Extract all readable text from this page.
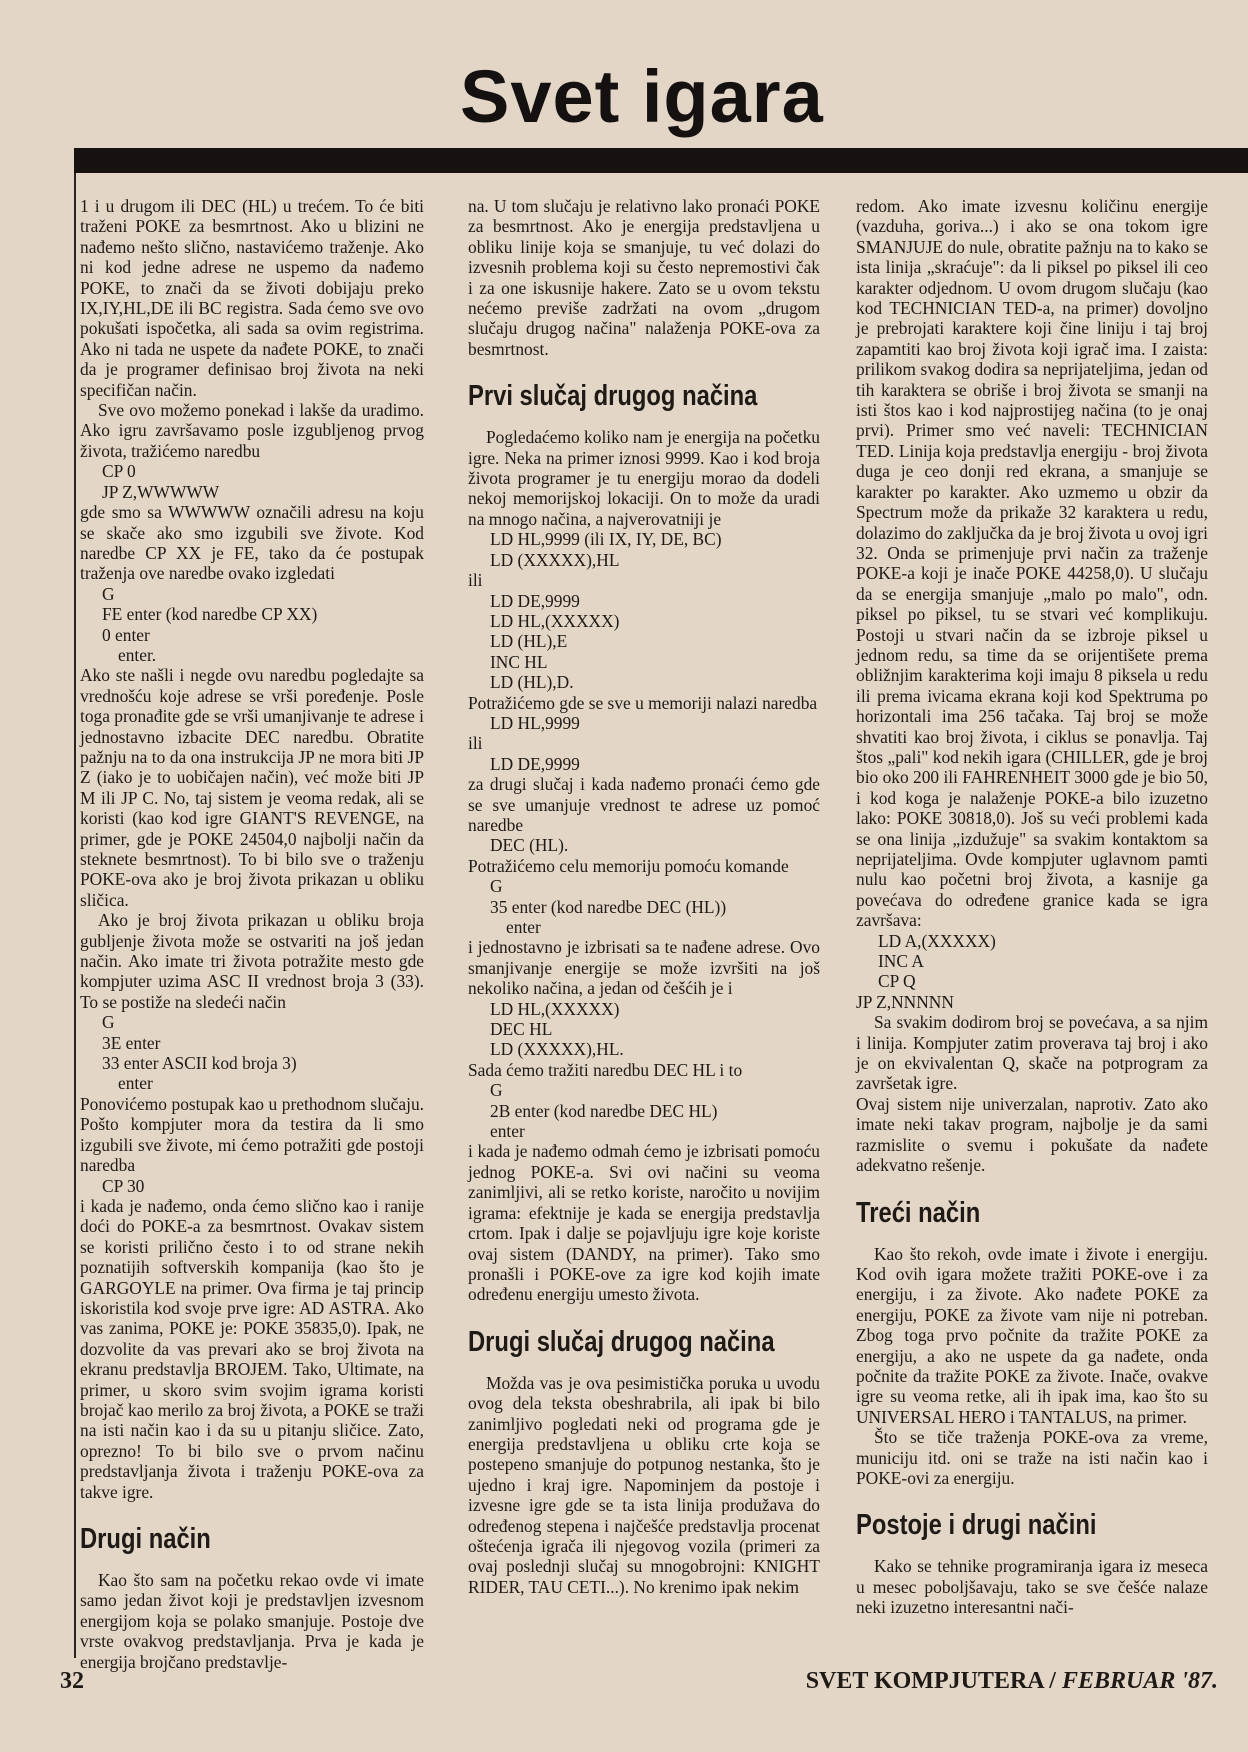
Svet igara

1 i u drugom ili DEC (HL) u trećem. To će biti traženi POKE za besmrtnost. Ako u blizini ne nađemo nešto slično, nastavićemo traženje. Ako ni kod jedne adrese ne uspemo da nađemo POKE, to znači da se životi dobijaju preko IX,IY,HL,DE ili BC registra. Sada ćemo sve ovo pokušati ispočetka, ali sada sa ovim registrima. Ako ni tada ne uspete da nađete POKE, to znači da je programer definisao broj života na neki specifičan način.

Sve ovo možemo ponekad i lakše da uradimo. Ako igru završavamo posle izgubljenog prvog života, tražićemo naredbu

CP 0

JP Z,WWWWW

gde smo sa WWWWW označili adresu na koju se skače ako smo izgubili sve živote. Kod naredbe CP XX je FE, tako da će postupak traženja ove naredbe ovako izgledati

G

FE enter (kod naredbe CP XX)

0 enter

enter.

Ako ste našli i negde ovu naredbu pogledajte sa vrednošću koje adrese se vrši poređenje. Posle toga pronađite gde se vrši umanjivanje te adrese i jednostavno izbacite DEC naredbu. Obratite pažnju na to da ona instrukcija JP ne mora biti JP Z (iako je to uobičajen način), već može biti JP M ili JP C. No, taj sistem je veoma redak, ali se koristi (kao kod igre GIANT'S REVENGE, na primer, gde je POKE 24504,0 najbolji način da steknete besmrtnost). To bi bilo sve o traženju POKE-ova ako je broj života prikazan u obliku sličica.

Ako je broj života prikazan u obliku broja gubljenje života može se ostvariti na još jedan način. Ako imate tri života potražite mesto gde kompjuter uzima ASC II vrednost broja 3 (33). To se postiže na sledeći način

G

3E enter

33 enter ASCII kod broja 3)

enter

Ponovićemo postupak kao u prethodnom slučaju. Pošto kompjuter mora da testira da li smo izgubili sve živote, mi ćemo potražiti gde postoji naredba

CP 30

i kada je nađemo, onda ćemo slično kao i ranije doći do POKE-a za besmrtnost. Ovakav sistem se koristi prilično često i to od strane nekih poznatijih softverskih kompanija (kao što je GARGOYLE na primer. Ova firma je taj princip iskoristila kod svoje prve igre: AD ASTRA. Ako vas zanima, POKE je: POKE 35835,0). Ipak, ne dozvolite da vas prevari ako se broj života na ekranu predstavlja BROJEM. Tako, Ultimate, na primer, u skoro svim svojim igrama koristi brojač kao merilo za broj života, a POKE se traži na isti način kao i da su u pitanju sličice. Zato, oprezno! To bi bilo sve o prvom načinu predstavljanja života i traženju POKE-ova za takve igre.

Drugi način

Kao što sam na početku rekao ovde vi imate samo jedan život koji je predstavljen izvesnom energijom koja se polako smanjuje. Postoje dve vrste ovakvog predstavljanja. Prva je kada je energija brojčano predstavlje-

na. U tom slučaju je relativno lako pronaći POKE za besmrtnost. Ako je energija predstavljena u obliku linije koja se smanjuje, tu već dolazi do izvesnih problema koji su često nepremostivi čak i za one iskusnije hakere. Zato se u ovom tekstu nećemo previše zadržati na ovom „drugom slučaju drugog načina" nalaženja POKE-ova za besmrtnost.

Prvi slučaj drugog načina

Pogledaćemo koliko nam je energija na početku igre. Neka na primer iznosi 9999. Kao i kod broja života programer je tu energiju morao da dodeli nekoj memorijskoj lokaciji. On to može da uradi na mnogo načina, a najverovatniji je

LD HL,9999 (ili IX, IY, DE, BC)

LD (XXXXX),HL

ili

LD DE,9999

LD HL,(XXXXX)

LD (HL),E

INC HL

LD (HL),D.

Potražićemo gde se sve u memoriji nalazi naredba

LD HL,9999

ili

LD DE,9999

za drugi slučaj i kada nađemo pronaći ćemo gde se sve umanjuje vrednost te adrese uz pomoć naredbe

DEC (HL).

Potražićemo celu memoriju pomoću komande

G

35 enter (kod naredbe DEC (HL))

enter

i jednostavno je izbrisati sa te nađene adrese. Ovo smanjivanje energije se može izvršiti na još nekoliko načina, a jedan od češćih je i

LD HL,(XXXXX)

DEC HL

LD (XXXXX),HL.

Sada ćemo tražiti naredbu DEC HL i to

G

2B enter (kod naredbe DEC HL)

enter

i kada je nađemo odmah ćemo je izbrisati pomoću jednog POKE-a. Svi ovi načini su veoma zanimljivi, ali se retko koriste, naročito u novijim igrama: efektnije je kada se energija predstavlja crtom. Ipak i dalje se pojavljuju igre koje koriste ovaj sistem (DANDY, na primer). Tako smo pronašli i POKE-ove za igre kod kojih imate određenu energiju umesto života.

Drugi slučaj drugog načina

Možda vas je ova pesimistička poruka u uvodu ovog dela teksta obeshrabrila, ali ipak bi bilo zanimljivo pogledati neki od programa gde je energija predstavljena u obliku crte koja se postepeno smanjuje do potpunog nestanka, što je ujedno i kraj igre. Napominjem da postoje i izvesne igre gde se ta ista linija produžava do određenog stepena i najčešće predstavlja procenat oštećenja igrača ili njegovog vozila (primeri za ovaj poslednji slučaj su mnogobrojni: KNIGHT RIDER, TAU CETI...). No krenimo ipak nekim

redom. Ako imate izvesnu količinu energije (vazduha, goriva...) i ako se ona tokom igre SMANJUJE do nule, obratite pažnju na to kako se ista linija „skraćuje": da li piksel po piksel ili ceo karakter odjednom. U ovom drugom slučaju (kao kod TECHNICIAN TED-a, na primer) dovoljno je prebrojati karaktere koji čine liniju i taj broj zapamtiti kao broj života koji igrač ima. I zaista: prilikom svakog dodira sa neprijateljima, jedan od tih karaktera se obriše i broj života se smanji na isti štos kao i kod najprostijeg načina (to je onaj prvi). Primer smo već naveli: TECHNICIAN TED. Linija koja predstavlja energiju - broj života duga je ceo donji red ekrana, a smanjuje se karakter po karakter. Ako uzmemo u obzir da Spectrum može da prikaže 32 karaktera u redu, dolazimo do zaključka da je broj života u ovoj igri 32. Onda se primenjuje prvi način za traženje POKE-a koji je inače POKE 44258,0). U slučaju da se energija smanjuje „malo po malo", odn. piksel po piksel, tu se stvari već komplikuju. Postoji u stvari način da se izbroje piksel u jednom redu, sa time da se orijentišete prema obližnjim karakterima koji imaju 8 piksela u redu ili prema ivicama ekrana koji kod Spektruma po horizontali ima 256 tačaka. Taj broj se može shvatiti kao broj života, i ciklus se ponavlja. Taj štos „pali" kod nekih igara (CHILLER, gde je broj bio oko 200 ili FAHRENHEIT 3000 gde je bio 50, i kod koga je nalaženje POKE-a bilo izuzetno lako: POKE 30818,0). Još su veći problemi kada se ona linija „izdužuje" sa svakim kontaktom sa neprijateljima. Ovde kompjuter uglavnom pamti nulu kao početni broj života, a kasnije ga povećava do određene granice kada se igra završava:

LD A,(XXXXX)

INC A

CP Q

JP Z,NNNNN

Sa svakim dodirom broj se povećava, a sa njim i linija. Kompjuter zatim proverava taj broj i ako je on ekvivalentan Q, skače na potprogram za završetak igre.

Ovaj sistem nije univerzalan, naprotiv. Zato ako imate neki takav program, najbolje je da sami razmislite o svemu i pokušate da nađete adekvatno rešenje.

Treći način

Kao što rekoh, ovde imate i živote i energiju. Kod ovih igara možete tražiti POKE-ove i za energiju, i za živote. Ako nađete POKE za energiju, POKE za živote vam nije ni potreban. Zbog toga prvo počnite da tražite POKE za energiju, a ako ne uspete da ga nađete, onda počnite da tražite POKE za živote. Inače, ovakve igre su veoma retke, ali ih ipak ima, kao što su UNIVERSAL HERO i TANTALUS, na primer.

Što se tiče traženja POKE-ova za vreme, municiju itd. oni se traže na isti način kao i POKE-ovi za energiju.

Postoje i drugi načini

Kako se tehnike programiranja igara iz meseca u mesec poboljšavaju, tako se sve češće nalaze neki izuzetno interesantni nači-

32	SVET KOMPJUTERA / FEBRUAR '87.
